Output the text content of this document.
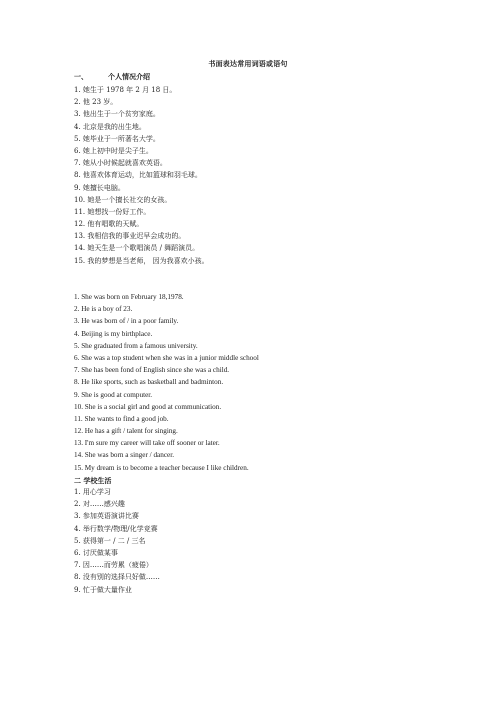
书面表达常用词语或语句
一、	个人情况介绍
1. 她生于 1978 年 2 月 18 日。
2. 他 23 岁。
3. 他出生于一个贫穷家庭。
4. 北京是我的出生地。
5. 她毕业于一所著名大学。
6. 她上初中时是尖子生。
7. 她从小时候起就喜欢英语。
8. 他喜欢体育运动，比如篮球和羽毛球。
9. 她擅长电脑。
10. 她是一个擅长社交的女孩。
11. 她想找一份好工作。
12. 他有唱歌的天赋。
13. 我相信我的事业迟早会成功的。
14. 她天生是一个歌唱演员 / 舞蹈演员。
15. 我的梦想是当老师， 因为我喜欢小孩。
1. She was born on February 18,1978.
2. He is a boy of 23.
3. He was born of / in a poor family.
4. Beijing is my birthplace.
5. She graduated from a famous university.
6. She was a top student when she was in a junior middle school
7. She has been fond of English since she was a child.
8. He like sports, such as basketball and badminton.
9. She is good at computer.
10. She is a social girl and good at communication.
11. She wants to find a good job.
12. He has a gift / talent for singing.
13. I'm sure my career will take off sooner or later.
14. She was born a singer / dancer.
15. My dream is to become a teacher because I like children.
二 学校生活
1. 用心学习
2. 对……感兴趣
3. 参加英语演讲比赛
4. 举行数学/物理/化学竞赛
5. 获得第一 / 二 / 三名
6. 讨厌做某事
7. 因……而劳累（疲倦）
8. 没有别的选择只好做……
9. 忙于做大量作业
